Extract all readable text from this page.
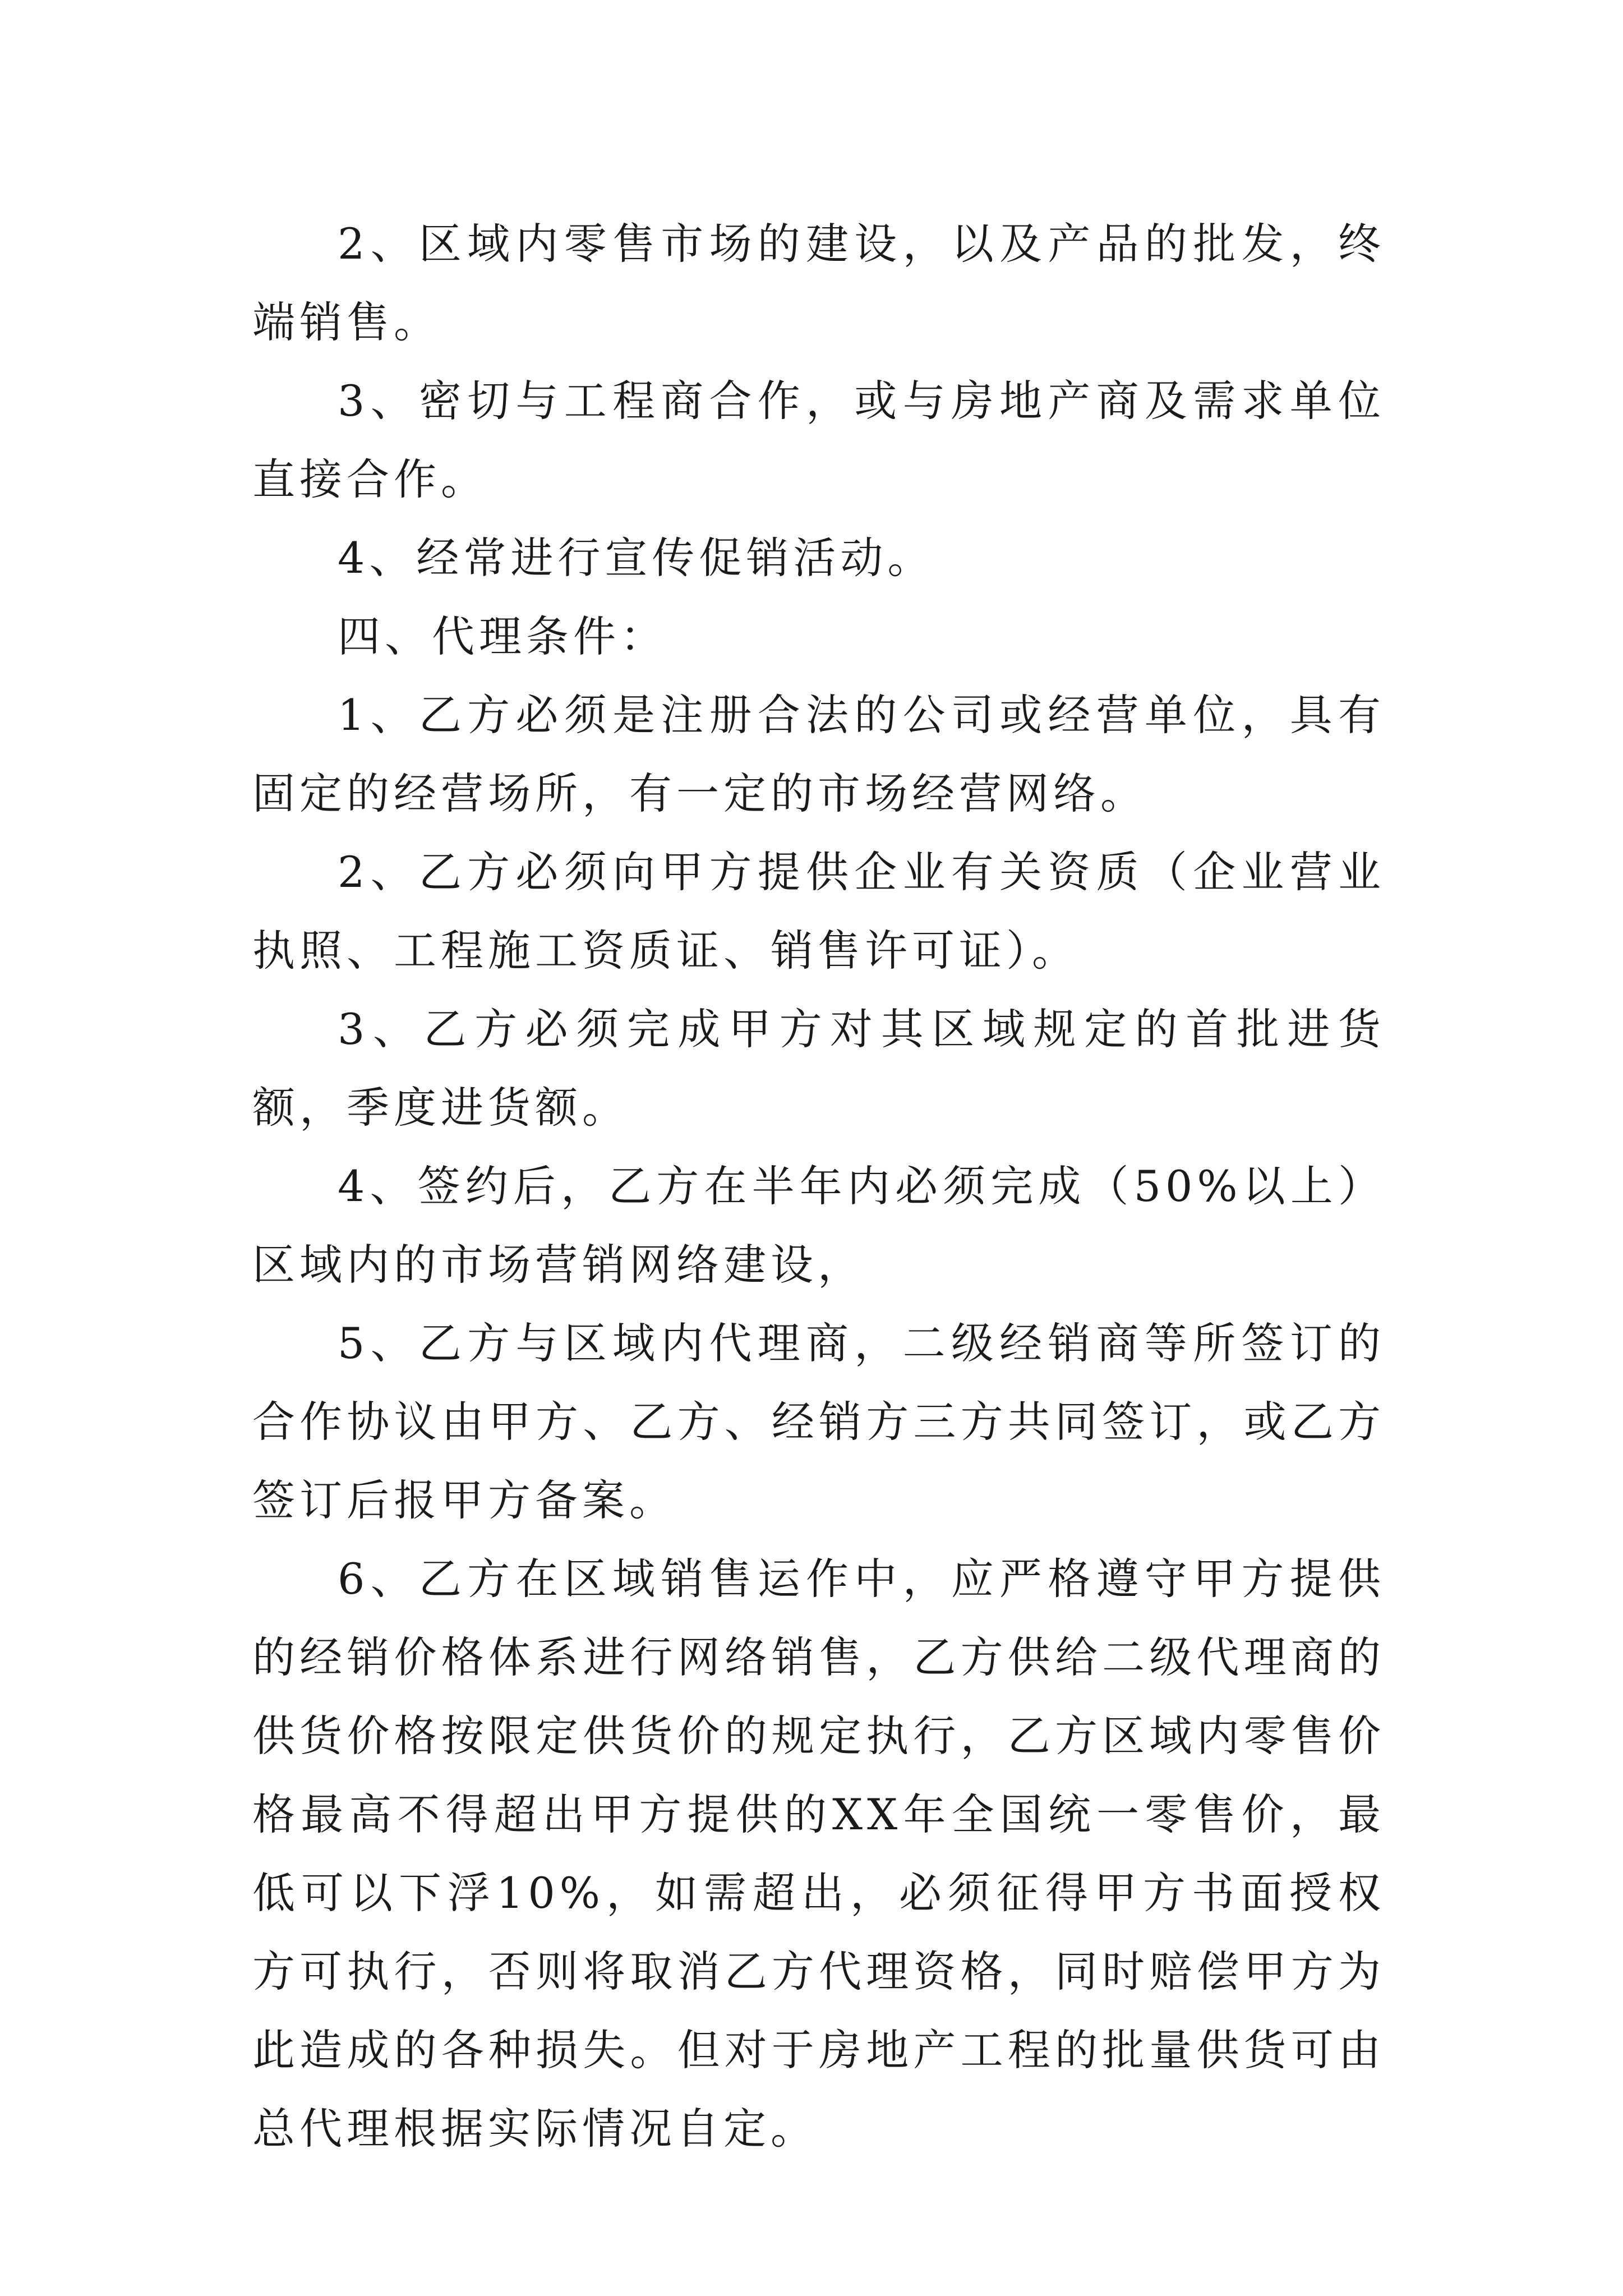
2、区域内零售市场的建设，以及产品的批发，终端销售。

3、密切与工程商合作，或与房地产商及需求单位直接合作。

4、经常进行宣传促销活动。

四、代理条件：

1、乙方必须是注册合法的公司或经营单位，具有固定的经营场所，有一定的市场经营网络。

2、乙方必须向甲方提供企业有关资质（企业营业执照、工程施工资质证、销售许可证）。

3、乙方必须完成甲方对其区域规定的首批进货额，季度进货额。

4、签约后，乙方在半年内必须完成（50%以上）区域内的市场营销网络建设，

5、乙方与区域内代理商，二级经销商等所签订的合作协议由甲方、乙方、经销方三方共同签订，或乙方签订后报甲方备案。

6、乙方在区域销售运作中，应严格遵守甲方提供的经销价格体系进行网络销售，乙方供给二级代理商的供货价格按限定供货价的规定执行，乙方区域内零售价格最高不得超出甲方提供的XX年全国统一零售价，最低可以下浮10%，如需超出，必须征得甲方书面授权方可执行，否则将取消乙方代理资格，同时赔偿甲方为此造成的各种损失。但对于房地产工程的批量供货可由总代理根据实际情况自定。
